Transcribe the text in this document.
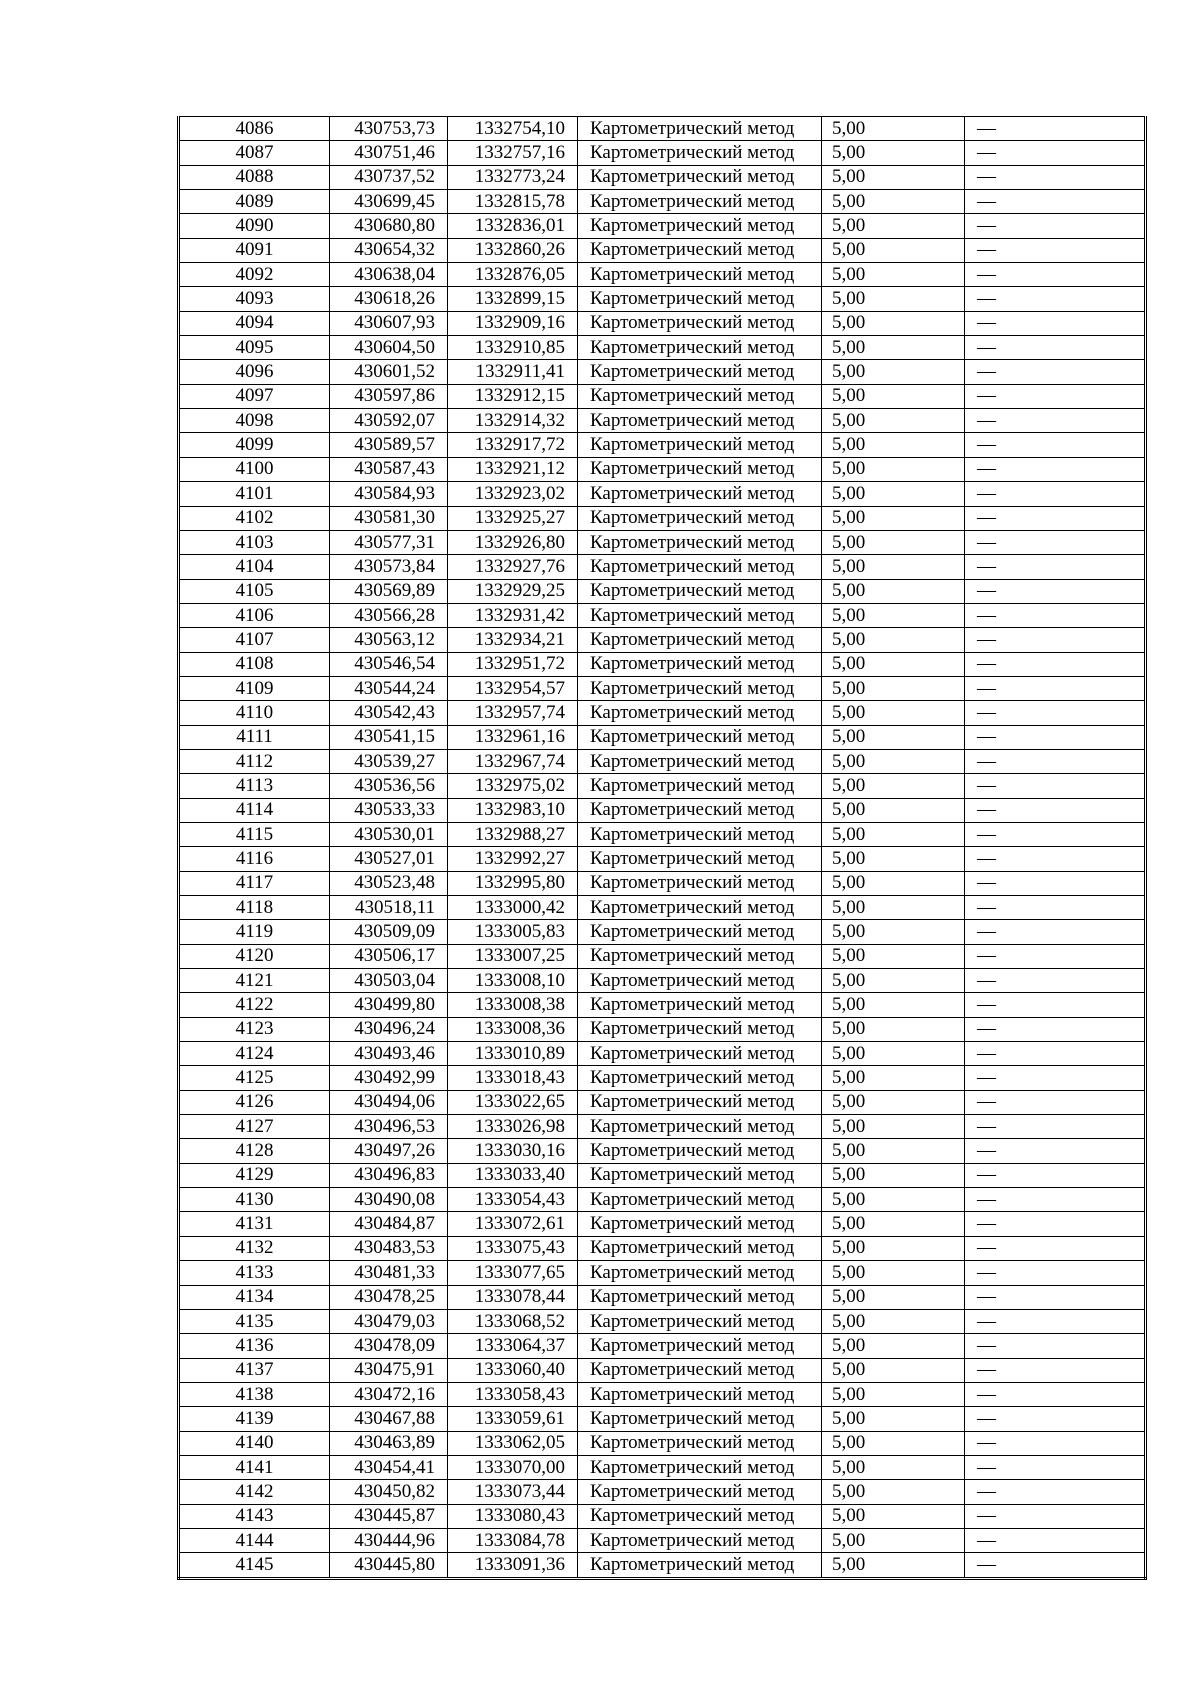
4086	430753,73	1332754,10	Картометрический метод	5,00	—
4087	430751,46	1332757,16	Картометрический метод	5,00	—
4088	430737,52	1332773,24	Картометрический метод	5,00	—
4089	430699,45	1332815,78	Картометрический метод	5,00	—
4090	430680,80	1332836,01	Картометрический метод	5,00	—
4091	430654,32	1332860,26	Картометрический метод	5,00	—
4092	430638,04	1332876,05	Картометрический метод	5,00	—
4093	430618,26	1332899,15	Картометрический метод	5,00	—
4094	430607,93	1332909,16	Картометрический метод	5,00	—
4095	430604,50	1332910,85	Картометрический метод	5,00	—
4096	430601,52	1332911,41	Картометрический метод	5,00	—
4097	430597,86	1332912,15	Картометрический метод	5,00	—
4098	430592,07	1332914,32	Картометрический метод	5,00	—
4099	430589,57	1332917,72	Картометрический метод	5,00	—
4100	430587,43	1332921,12	Картометрический метод	5,00	—
4101	430584,93	1332923,02	Картометрический метод	5,00	—
4102	430581,30	1332925,27	Картометрический метод	5,00	—
4103	430577,31	1332926,80	Картометрический метод	5,00	—
4104	430573,84	1332927,76	Картометрический метод	5,00	—
4105	430569,89	1332929,25	Картометрический метод	5,00	—
4106	430566,28	1332931,42	Картометрический метод	5,00	—
4107	430563,12	1332934,21	Картометрический метод	5,00	—
4108	430546,54	1332951,72	Картометрический метод	5,00	—
4109	430544,24	1332954,57	Картометрический метод	5,00	—
4110	430542,43	1332957,74	Картометрический метод	5,00	—
4111	430541,15	1332961,16	Картометрический метод	5,00	—
4112	430539,27	1332967,74	Картометрический метод	5,00	—
4113	430536,56	1332975,02	Картометрический метод	5,00	—
4114	430533,33	1332983,10	Картометрический метод	5,00	—
4115	430530,01	1332988,27	Картометрический метод	5,00	—
4116	430527,01	1332992,27	Картометрический метод	5,00	—
4117	430523,48	1332995,80	Картометрический метод	5,00	—
4118	430518,11	1333000,42	Картометрический метод	5,00	—
4119	430509,09	1333005,83	Картометрический метод	5,00	—
4120	430506,17	1333007,25	Картометрический метод	5,00	—
4121	430503,04	1333008,10	Картометрический метод	5,00	—
4122	430499,80	1333008,38	Картометрический метод	5,00	—
4123	430496,24	1333008,36	Картометрический метод	5,00	—
4124	430493,46	1333010,89	Картометрический метод	5,00	—
4125	430492,99	1333018,43	Картометрический метод	5,00	—
4126	430494,06	1333022,65	Картометрический метод	5,00	—
4127	430496,53	1333026,98	Картометрический метод	5,00	—
4128	430497,26	1333030,16	Картометрический метод	5,00	—
4129	430496,83	1333033,40	Картометрический метод	5,00	—
4130	430490,08	1333054,43	Картометрический метод	5,00	—
4131	430484,87	1333072,61	Картометрический метод	5,00	—
4132	430483,53	1333075,43	Картометрический метод	5,00	—
4133	430481,33	1333077,65	Картометрический метод	5,00	—
4134	430478,25	1333078,44	Картометрический метод	5,00	—
4135	430479,03	1333068,52	Картометрический метод	5,00	—
4136	430478,09	1333064,37	Картометрический метод	5,00	—
4137	430475,91	1333060,40	Картометрический метод	5,00	—
4138	430472,16	1333058,43	Картометрический метод	5,00	—
4139	430467,88	1333059,61	Картометрический метод	5,00	—
4140	430463,89	1333062,05	Картометрический метод	5,00	—
4141	430454,41	1333070,00	Картометрический метод	5,00	—
4142	430450,82	1333073,44	Картометрический метод	5,00	—
4143	430445,87	1333080,43	Картометрический метод	5,00	—
4144	430444,96	1333084,78	Картометрический метод	5,00	—
4145	430445,80	1333091,36	Картометрический метод	5,00	—
